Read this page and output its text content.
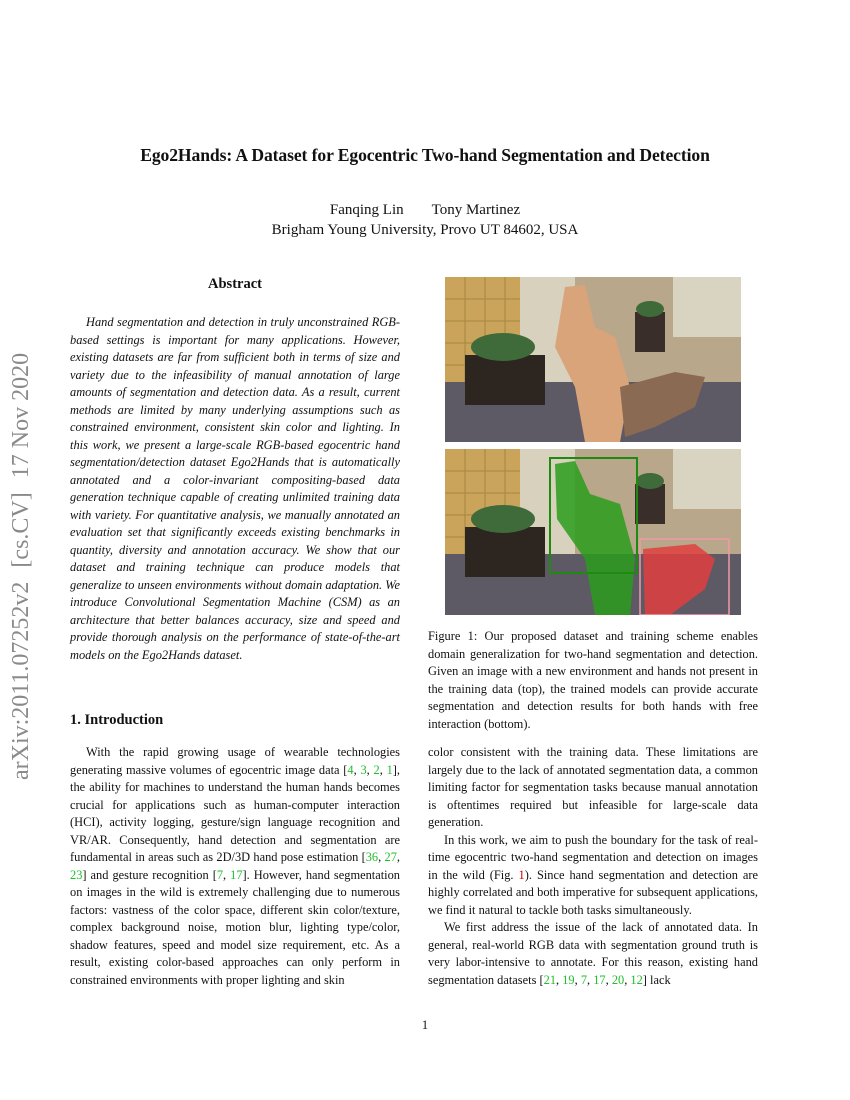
arXiv:2011.07252v2[cs.CV]17 Nov 2020
Ego2Hands: A Dataset for Egocentric Two-hand Segmentation and Detection
Fanqing Lin Tony Martinez
Brigham Young University, Provo UT 84602, USA
Abstract
Hand segmentation and detection in truly unconstrained RGB-based settings is important for many applications. However, existing datasets are far from sufficient both in terms of size and variety due to the infeasibility of manual annotation of large amounts of segmentation and detection data. As a result, current methods are limited by many underlying assumptions such as constrained environment, consistent skin color and lighting. In this work, we present a large-scale RGB-based egocentric hand segmentation/detection dataset Ego2Hands that is automatically annotated and a color-invariant compositing-based data generation technique capable of creating unlimited training data with variety. For quantitative analysis, we manually annotated an evaluation set that significantly exceeds existing benchmarks in quantity, diversity and annotation accuracy. We show that our dataset and training technique can produce models that generalize to unseen environments without domain adaptation. We introduce Convolutional Segmentation Machine (CSM) as an architecture that better balances accuracy, size and speed and provide thorough analysis on the performance of state-of-the-art models on the Ego2Hands dataset.
1. Introduction
With the rapid growing usage of wearable technologies generating massive volumes of egocentric image data [4, 3, 2, 1], the ability for machines to understand the human hands becomes crucial for applications such as human-computer interaction (HCI), activity logging, gesture/sign language recognition and VR/AR. Consequently, hand detection and segmentation are fundamental in areas such as 2D/3D hand pose estimation [36, 27, 23] and gesture recognition [7, 17]. However, hand segmentation on images in the wild is extremely challenging due to numerous factors: vastness of the color space, different skin color/texture, complex background noise, motion blur, lighting type/color, shadow features, speed and model size requirement, etc. As a result, existing color-based approaches can only perform in constrained environments with proper lighting and skin
Figure 1: Our proposed dataset and training scheme enables domain generalization for two-hand segmentation and detection. Given an image with a new environment and hands not present in the training data (top), the trained models can provide accurate segmentation and detection results for both hands with free interaction (bottom).

color consistent with the training data. These limitations are largely due to the lack of annotated segmentation data, a common limiting factor for segmentation tasks because manual annotation is oftentimes required but infeasible for large-scale data generation.

In this work, we aim to push the boundary for the task of real-time egocentric two-hand segmentation and detection on images in the wild (Fig. 1). Since hand segmentation and detection are highly correlated and both imperative for subsequent applications, we find it natural to tackle both tasks simultaneously.

We first address the issue of the lack of annotated data. In general, real-world RGB data with segmentation ground truth is very labor-intensive to annotate. For this reason, existing hand segmentation datasets [21, 19, 7, 17, 20, 12] lack

1
